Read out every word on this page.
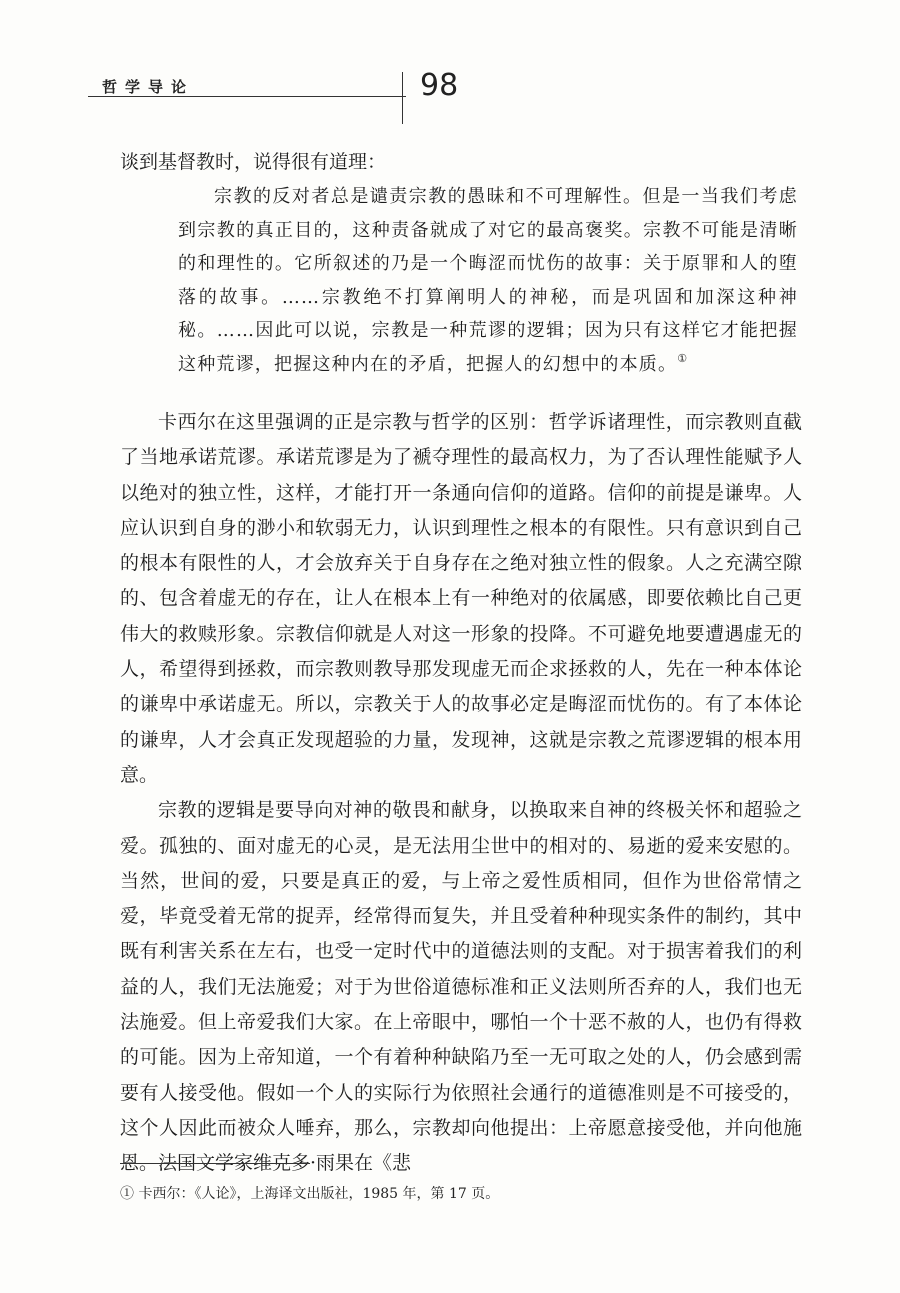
哲学导论	98
谈到基督教时，说得很有道理：
宗教的反对者总是谴责宗教的愚昧和不可理解性。但是一当我们考虑到宗教的真正目的，这种责备就成了对它的最高褒奖。宗教不可能是清晰的和理性的。它所叙述的乃是一个晦涩而忧伤的故事：关于原罪和人的堕落的故事。……宗教绝不打算阐明人的神秘，而是巩固和加深这种神秘。……因此可以说，宗教是一种荒谬的逻辑；因为只有这样它才能把握这种荒谬，把握这种内在的矛盾，把握人的幻想中的本质。①

卡西尔在这里强调的正是宗教与哲学的区别：哲学诉诸理性，而宗教则直截了当地承诺荒谬。承诺荒谬是为了褫夺理性的最高权力，为了否认理性能赋予人以绝对的独立性，这样，才能打开一条通向信仰的道路。信仰的前提是谦卑。人应认识到自身的渺小和软弱无力，认识到理性之根本的有限性。只有意识到自己的根本有限性的人，才会放弃关于自身存在之绝对独立性的假象。人之充满空隙的、包含着虚无的存在，让人在根本上有一种绝对的依属感，即要依赖比自己更伟大的救赎形象。宗教信仰就是人对这一形象的投降。不可避免地要遭遇虚无的人，希望得到拯救，而宗教则教导那发现虚无而企求拯救的人，先在一种本体论的谦卑中承诺虚无。所以，宗教关于人的故事必定是晦涩而忧伤的。有了本体论的谦卑，人才会真正发现超验的力量，发现神，这就是宗教之荒谬逻辑的根本用意。

宗教的逻辑是要导向对神的敬畏和献身，以换取来自神的终极关怀和超验之爱。孤独的、面对虚无的心灵，是无法用尘世中的相对的、易逝的爱来安慰的。当然，世间的爱，只要是真正的爱，与上帝之爱性质相同，但作为世俗常情之爱，毕竟受着无常的捉弄，经常得而复失，并且受着种种现实条件的制约，其中既有利害关系在左右，也受一定时代中的道德法则的支配。对于损害着我们的利益的人，我们无法施爱；对于为世俗道德标准和正义法则所否弃的人，我们也无法施爱。但上帝爱我们大家。在上帝眼中，哪怕一个十恶不赦的人，也仍有得救的可能。因为上帝知道，一个有着种种缺陷乃至一无可取之处的人，仍会感到需要有人接受他。假如一个人的实际行为依照社会通行的道德准则是不可接受的，这个人因此而被众人唾弃，那么，宗教却向他提出：上帝愿意接受他，并向他施恩。法国文学家维克多·雨果在《悲

① 卡西尔：《人论》，上海译文出版社，1985 年，第 17 页。
